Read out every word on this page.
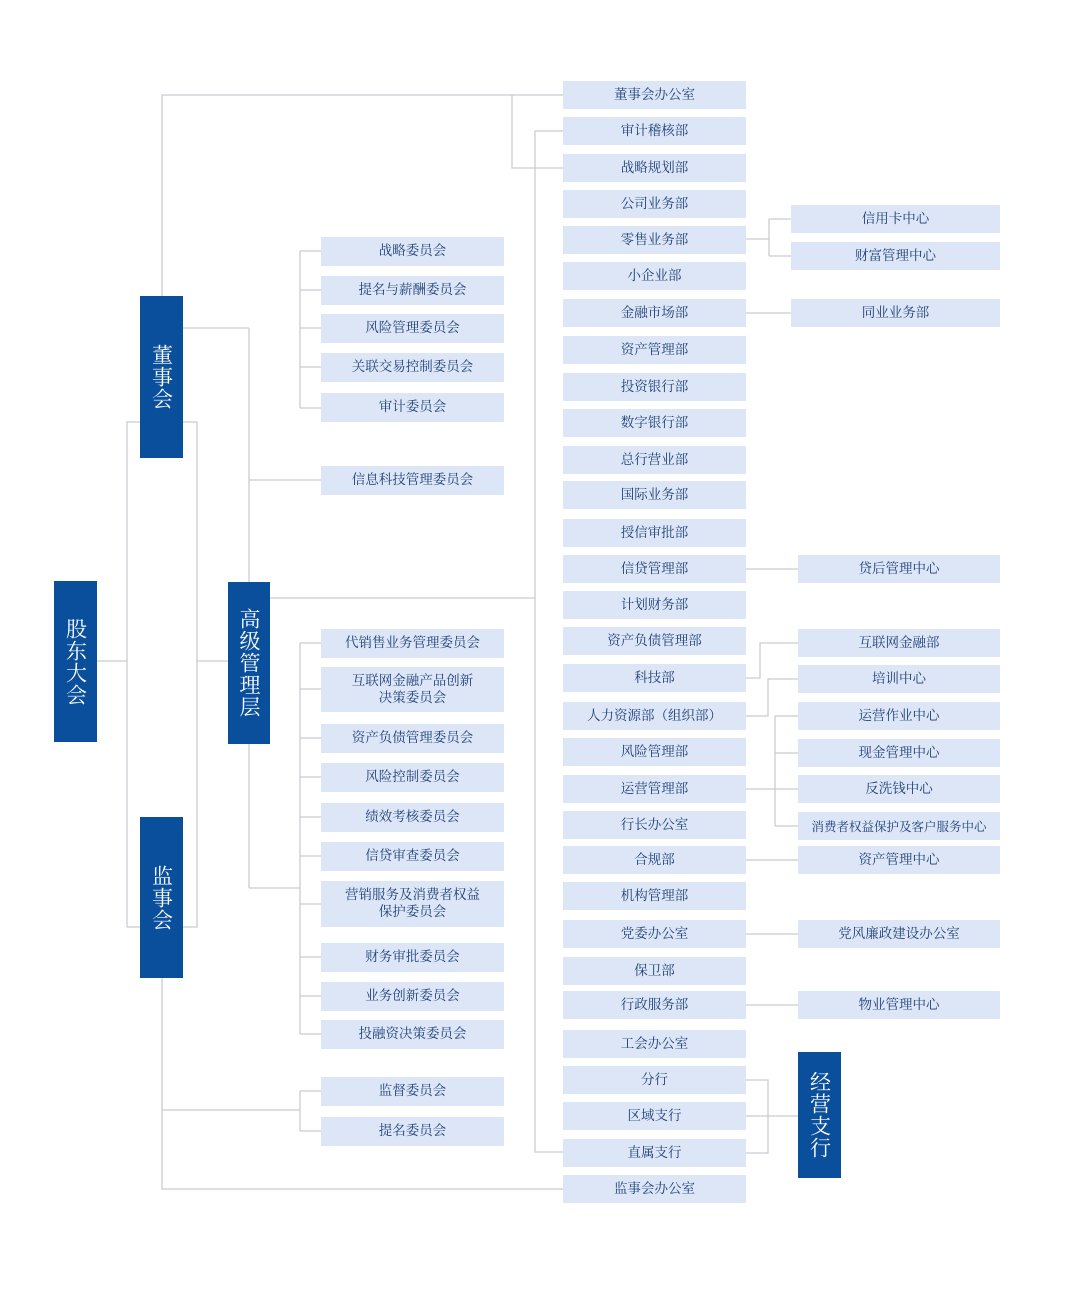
股东大会
董事会
高级管理层
监事会
经营支行
战略委员会
提名与薪酬委员会
风险管理委员会
关联交易控制委员会
审计委员会
信息科技管理委员会
代销售业务管理委员会
互联网金融产品创新
决策委员会
资产负债管理委员会
风险控制委员会
绩效考核委员会
信贷审查委员会
营销服务及消费者权益
保护委员会
财务审批委员会
业务创新委员会
投融资决策委员会
监督委员会
提名委员会
董事会办公室
审计稽核部
战略规划部
公司业务部
零售业务部
小企业部
金融市场部
资产管理部
投资银行部
数字银行部
总行营业部
国际业务部
授信审批部
信贷管理部
计划财务部
资产负债管理部
科技部
人力资源部（组织部）
风险管理部
运营管理部
行长办公室
合规部
机构管理部
党委办公室
保卫部
行政服务部
工会办公室
分行
区域支行
直属支行
监事会办公室
信用卡中心
财富管理中心
同业业务部
贷后管理中心
互联网金融部
培训中心
运营作业中心
现金管理中心
反洗钱中心
消费者权益保护及客户服务中心
资产管理中心
党风廉政建设办公室
物业管理中心
